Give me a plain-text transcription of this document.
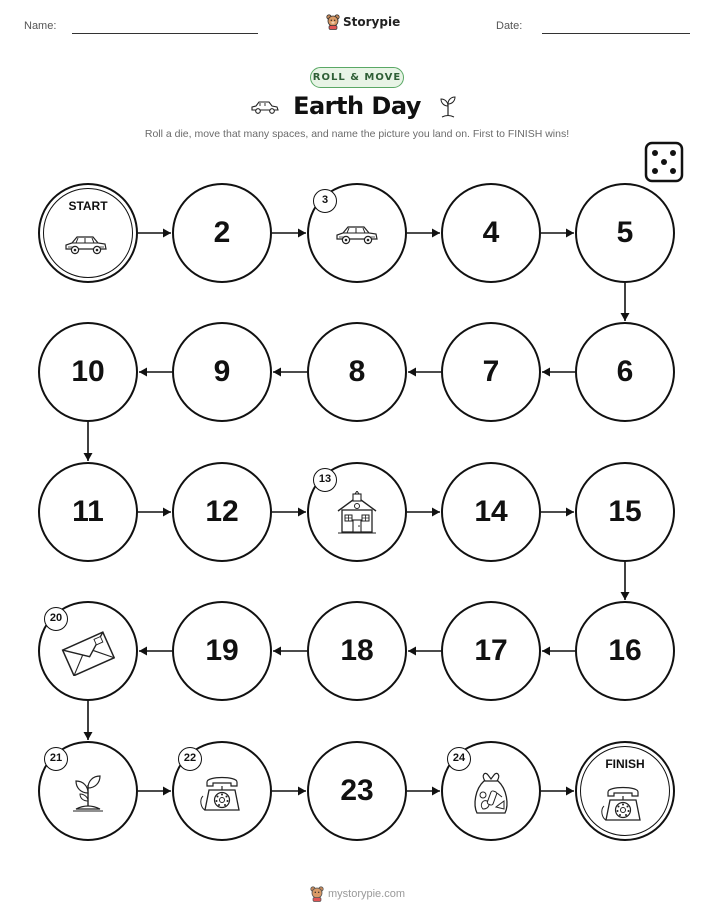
Name:	Storypie	Date:
ROLL & MOVE
Earth Day
Roll a die, move that many spaces, and name the picture you land on. First to FINISH wins!
START
2
3
4	5
6
7
8
9
10
11	12
13
14	15
16
17
18
19
20
21	22
23
24	FINISH
mystorypie.com
